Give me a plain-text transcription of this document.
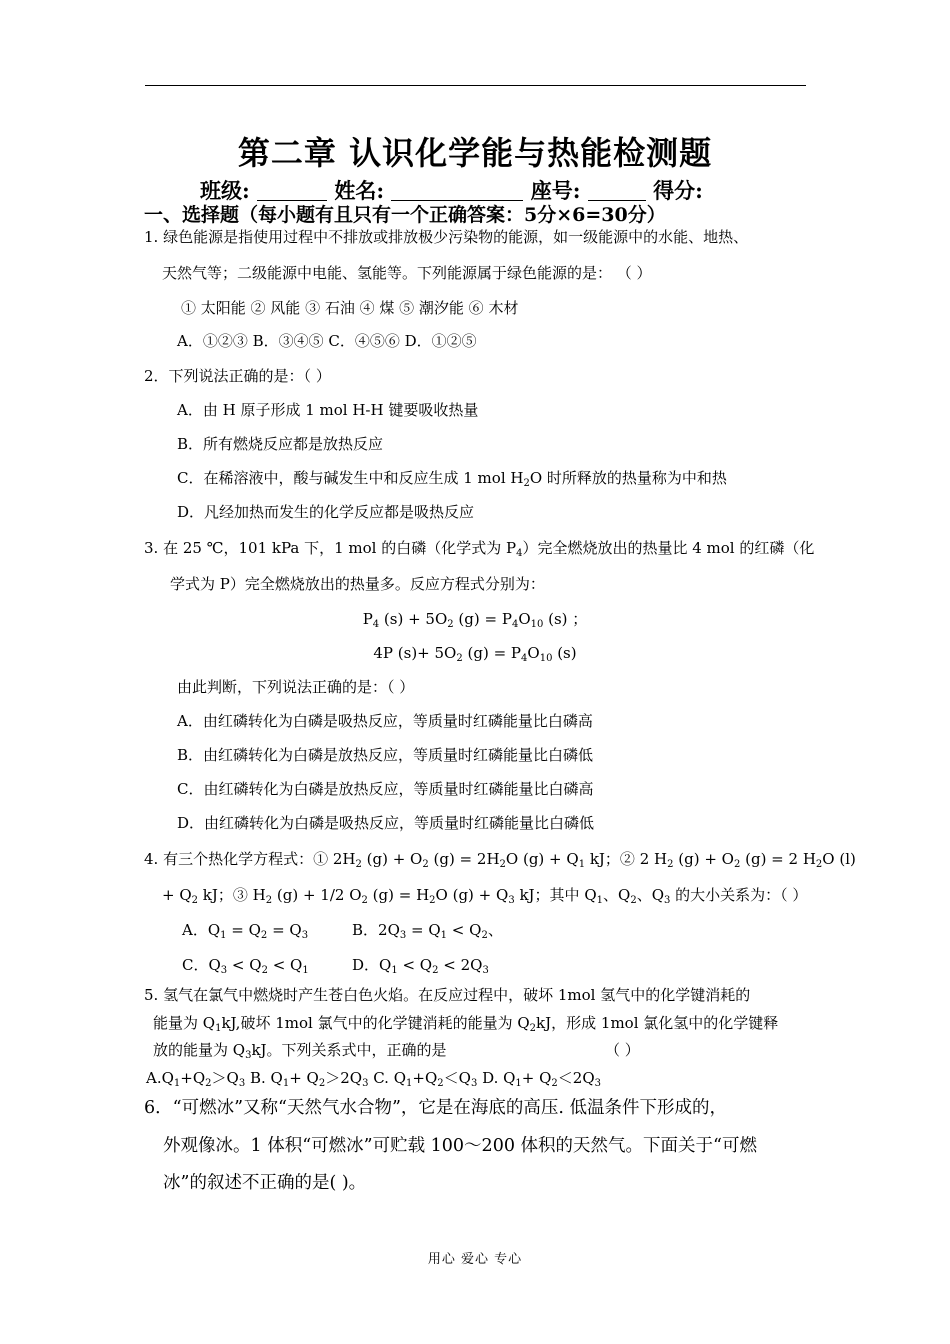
第二章 认识化学能与热能检测题
班级:	姓名:	座号:	得分:
一、选择题（每小题有且只有一个正确答案：5分×6=30分）
1. 绿色能源是指使用过程中不排放或排放极少污染物的能源，如一级能源中的水能、地热、
天然气等；二级能源中电能、氢能等。下列能源属于绿色能源的是： （ ）
① 太阳能 ② 风能 ③ 石油 ④ 煤 ⑤ 潮汐能 ⑥ 木材
A．①②③ B．③④⑤ C．④⑤⑥ D．①②⑤
2．下列说法正确的是：（ ）
A．由 H 原子形成 1 mol H-H 键要吸收热量
B．所有燃烧反应都是放热反应
C．在稀溶液中，酸与碱发生中和反应生成 1 mol $H_2O$ 时所释放的热量称为中和热
D．凡经加热而发生的化学反应都是吸热反应
3. 在 25 ℃，101 kPa 下，1 mol 的白磷（化学式为 $P_4$）完全燃烧放出的热量比 4 mol 的红磷（化
学式为 P）完全燃烧放出的热量多。反应方程式分别为：
$P_4$ $(s) + 5O_2$ $(g) = P_4O_{10}$ (s) ；
4P $(s)+ 5O_2$ $(g) = P_4O_{10}$ (s)
由此判断，下列说法正确的是：（ ）
A．由红磷转化为白磷是吸热反应，等质量时红磷能量比白磷高
B．由红磷转化为白磷是放热反应，等质量时红磷能量比白磷低
C．由红磷转化为白磷是放热反应，等质量时红磷能量比白磷高
D．由红磷转化为白磷是吸热反应，等质量时红磷能量比白磷低
4. 有三个热化学方程式：① $2H_2$ $(g) + O_2$ $(g) = 2H_2O$ $(g) + Q_1$ kJ；② 2 $H_2$ $(g) + O_2$ (g) = 2 $H_2O$ (l)
+ $Q_2$ kJ；③ $H_2$ (g) + 1/2 $O_2$ $(g) = H_2O$ $(g) + Q_3$ kJ；其中 $Q_1$、$Q_2$、$Q_3$ 的大小关系为：（ ）
A．$Q_1 = Q_2 = Q_3$	B．$2Q_3 = Q_1 < Q_2$、
C．$Q_3 < Q_2 < Q_1$	D．$Q_1 < Q_2 < 2Q_3$
5. 氢气在氯气中燃烧时产生苍白色火焰。在反应过程中，破坏 1mol 氢气中的化学键消耗的
能量为 $Q_1kJ$,破坏 1mol 氯气中的化学键消耗的能量为 $Q_2kJ$，形成 1mol 氯化氢中的化学键释
放的能量为 $Q_3kJ$。下列关系式中，正确的是	（ ）
$A.Q_1+Q_2>Q_3$ B. $Q_1+ Q_2>2Q_3$ C. $Q_1+Q_2<Q_3$ D. $Q_1+ Q_2<2Q_3$
6．“可燃冰”又称“天然气水合物”，它是在海底的高压. 低温条件下形成的，
外观像冰。1 体积“可燃冰”可贮载 100～200 体积的天然气。下面关于“可燃
冰”的叙述不正确的是( )。
用心 爱心 专心
